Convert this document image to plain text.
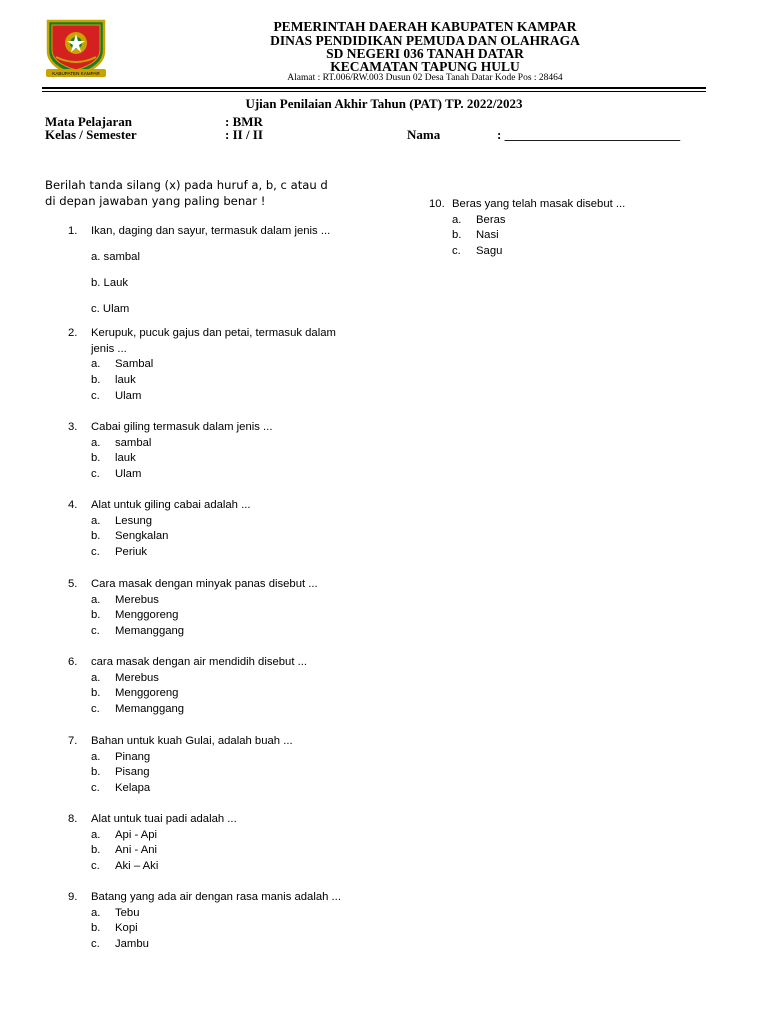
KABUPATEN KAMPAR
PEMERINTAH DAERAH KABUPATEN KAMPAR
DINAS PENDIDIKAN PEMUDA DAN OLAHRAGA
SD NEGERI 036 TANAH DATAR
KECAMATAN TAPUNG HULU
Alamat : RT.006/RW.003 Dusun 02 Desa Tanah Datar Kode Pos : 28464
Ujian Penilaian Akhir Tahun (PAT) TP. 2022/2023
Mata Pelajaran	: BMR
Kelas / Semester	: II / II	Nama	: ___________________________
Berilah tanda silang (x) pada huruf a, b, c atau d
di depan jawaban yang paling benar !
1.	Ikan, daging dan sayur, termasuk dalam jenis ...
a. sambal
b. Lauk
c. Ulam
2.	Kerupuk, pucuk gajus dan petai, termasuk dalam jenis ...
a. Sambal
b. lauk
c. Ulam
3.	Cabai giling termasuk dalam jenis ...
a. sambal
b. lauk
c. Ulam
4.	Alat untuk giling cabai adalah ...
a. Lesung
b. Sengkalan
c. Periuk
5.	Cara masak dengan minyak panas disebut ...
a. Merebus
b. Menggoreng
c. Memanggang
6.	cara masak dengan air mendidih disebut ...
a. Merebus
b. Menggoreng
c. Memanggang
7.	Bahan untuk kuah Gulai, adalah buah ...
a. Pinang
b. Pisang
c. Kelapa
8.	Alat untuk tuai padi adalah ...
a. Api - Api
b. Ani - Ani
c. Aki – Aki
9.	Batang yang ada air dengan rasa manis adalah ...
a. Tebu
b. Kopi
c. Jambu
10. Beras yang telah masak disebut ...
a. Beras
b. Nasi
c. Sagu
